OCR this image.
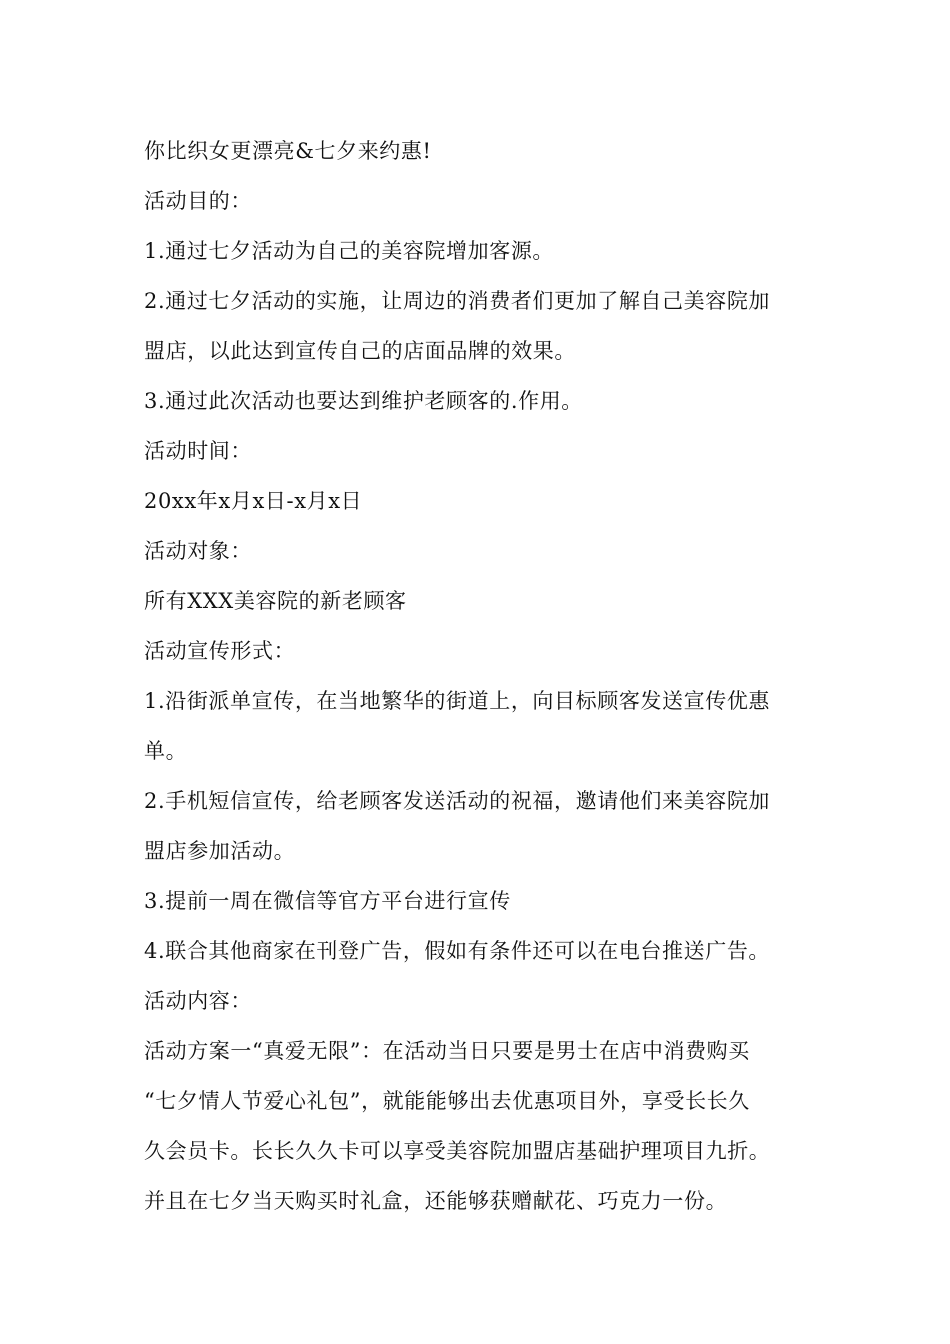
你比织女更漂亮&七夕来约惠!

活动目的：

1.通过七夕活动为自己的美容院增加客源。

2.通过七夕活动的实施，让周边的消费者们更加了解自己美容院加

盟店，以此达到宣传自己的店面品牌的效果。

3.通过此次活动也要达到维护老顾客的.作用。

活动时间：

20xx年x月x日-x月x日

活动对象：

所有XXX美容院的新老顾客

活动宣传形式：

1.沿街派单宣传，在当地繁华的街道上，向目标顾客发送宣传优惠

单。

2.手机短信宣传，给老顾客发送活动的祝福，邀请他们来美容院加

盟店参加活动。

3.提前一周在微信等官方平台进行宣传

4.联合其他商家在刊登广告，假如有条件还可以在电台推送广告。

活动内容：

活动方案一“真爱无限”：在活动当日只要是男士在店中消费购买

“七夕情人节爱心礼包”，就能能够出去优惠项目外，享受长长久

久会员卡。长长久久卡可以享受美容院加盟店基础护理项目九折。

并且在七夕当天购买时礼盒，还能够获赠献花、巧克力一份。
